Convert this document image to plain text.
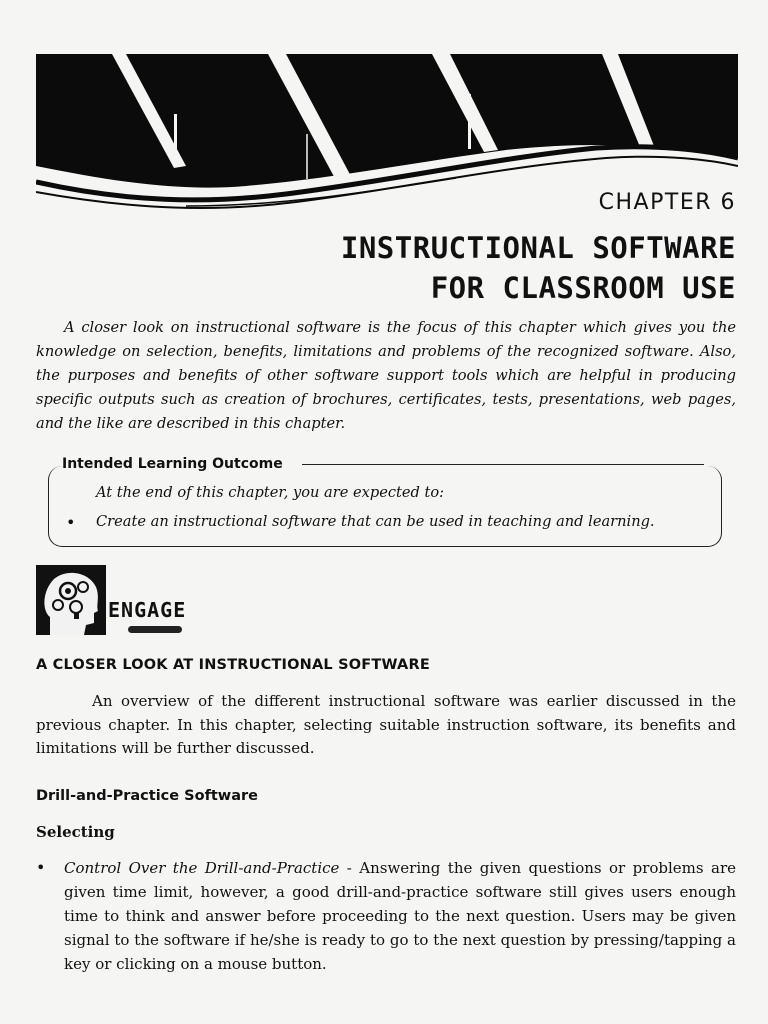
CHAPTER 6
INSTRUCTIONAL SOFTWARE
FOR CLASSROOM USE

A closer look on instructional software is the focus of this chapter which gives you the knowledge on selection, benefits, limitations and problems of the recognized software. Also, the purposes and benefits of other software support tools which are helpful in producing specific outputs such as creation of brochures, certificates, tests, presentations, web pages, and the like are described in this chapter.

Intended Learning Outcome
At the end of this chapter, you are expected to:
• Create an instructional software that can be used in teaching and learning.
ENGAGE
A CLOSER LOOK AT INSTRUCTIONAL SOFTWARE

An overview of the different instructional software was earlier discussed in the previous chapter. In this chapter, selecting suitable instruction software, its benefits and limitations will be further discussed.

Drill-and-Practice Software
Selecting
• Control Over the Drill-and-Practice - Answering the given questions or problems are given time limit, however, a good drill-and-practice software still gives users enough time to think and answer before proceeding to the next question. Users may be given signal to the software if he/she is ready to go to the next question by pressing/tapping a key or clicking on a mouse button.
